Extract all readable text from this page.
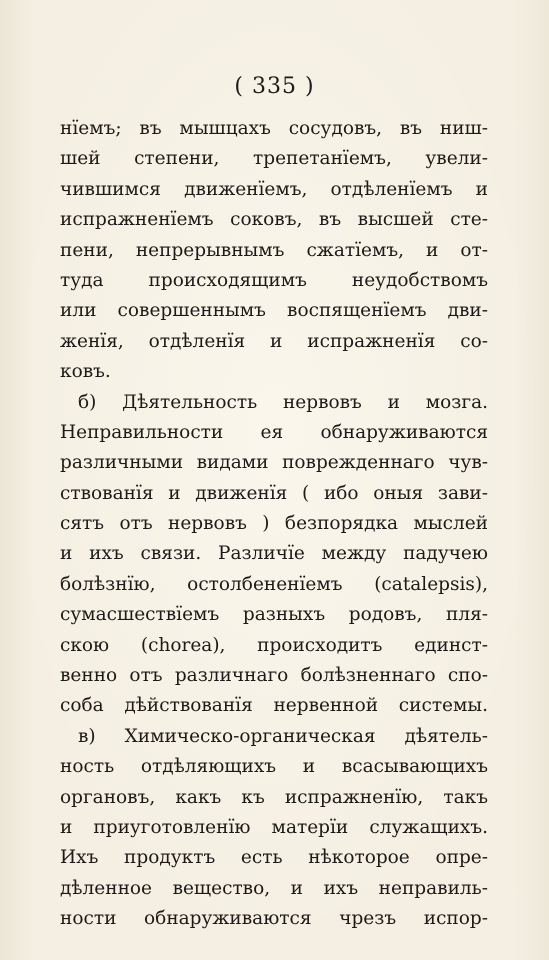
( 335 )
нїемъ; въ мышцахъ сосудовъ, въ ниш-
шей степени, трепетанїемъ, увели-
чившимся движенїемъ, отдѣленїемъ и
испражненїемъ соковъ, въ высшей сте-
пени, непрерывнымъ сжатїемъ, и от-
туда происходящимъ неудобствомъ
или совершеннымъ воспященїемъ дви-
женїя, отдѣленїя и испражненїя со-
ковъ.
б) Дѣятельность нервовъ и мозга.
Неправильности ея обнаруживаются
различными видами поврежденнаго чув-
ствованїя и движенїя ( ибо оныя зави-
сятъ отъ нервовъ ) безпорядка мыслей
и ихъ связи. Различїе между падучею
болѣзнїю, остолбененїемъ (catalepsis),
сумасшествїемъ разныхъ родовъ, пля-
скою (chorea), происходитъ единст-
венно отъ различнаго болѣзненнаго спо-
соба дѣйствованїя нервенной системы.
в) Химическо-органическая дѣятель-
ность отдѣляющихъ и всасывающихъ
органовъ, какъ къ испражненїю, такъ
и приуготовленїю матерїи служащихъ.
Ихъ продуктъ есть нѣкоторое опре-
дѣленное вещество, и ихъ неправиль-
ности обнаруживаются чрезъ испор-
